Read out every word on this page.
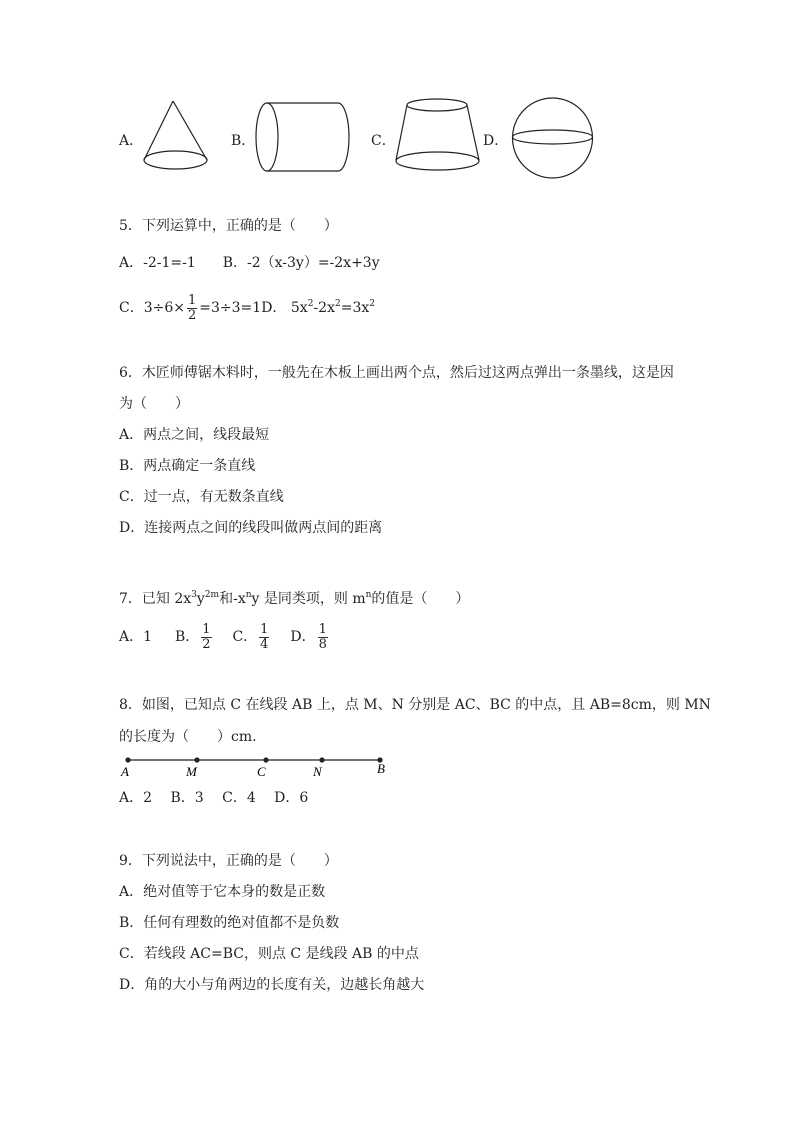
A．	B．	C．	D．
5．下列运算中，正确的是（　　）
A．-2-1=-1 B．-2（x-3y）=-2x+3y
C．$3\div 6\times \frac{1}{2} =3\div 3=1D$． $5x^2-2x^2=3x^2$
6．木匠师傅锯木料时，一般先在木板上画出两个点，然后过这两点弹出一条墨线，这是因
为（　　）
A．两点之间，线段最短
B．两点确定一条直线
C．过一点，有无数条直线
D．连接两点之间的线段叫做两点间的距离
7．已知 $2x^3y^{2m}$和$-x^ny$ 是同类项，则 $m^n$的值是（　　）
A．1 B． $\frac{1}{2}$ C． $\frac{1}{4}$ D． $\frac{1}{8}$
8．如图，已知点 C 在线段 AB 上，点 M、N 分别是 AC、BC 的中点，且 AB=8cm，则 MN
的长度为（　　）cm.
A	M	C	N	B
A．2　 B．3　 C．4　 D．6
9．下列说法中，正确的是（　　）
A．绝对值等于它本身的数是正数
B．任何有理数的绝对值都不是负数
C．若线段 AC=BC，则点 C 是线段 AB 的中点
D．角的大小与角两边的长度有关，边越长角越大
